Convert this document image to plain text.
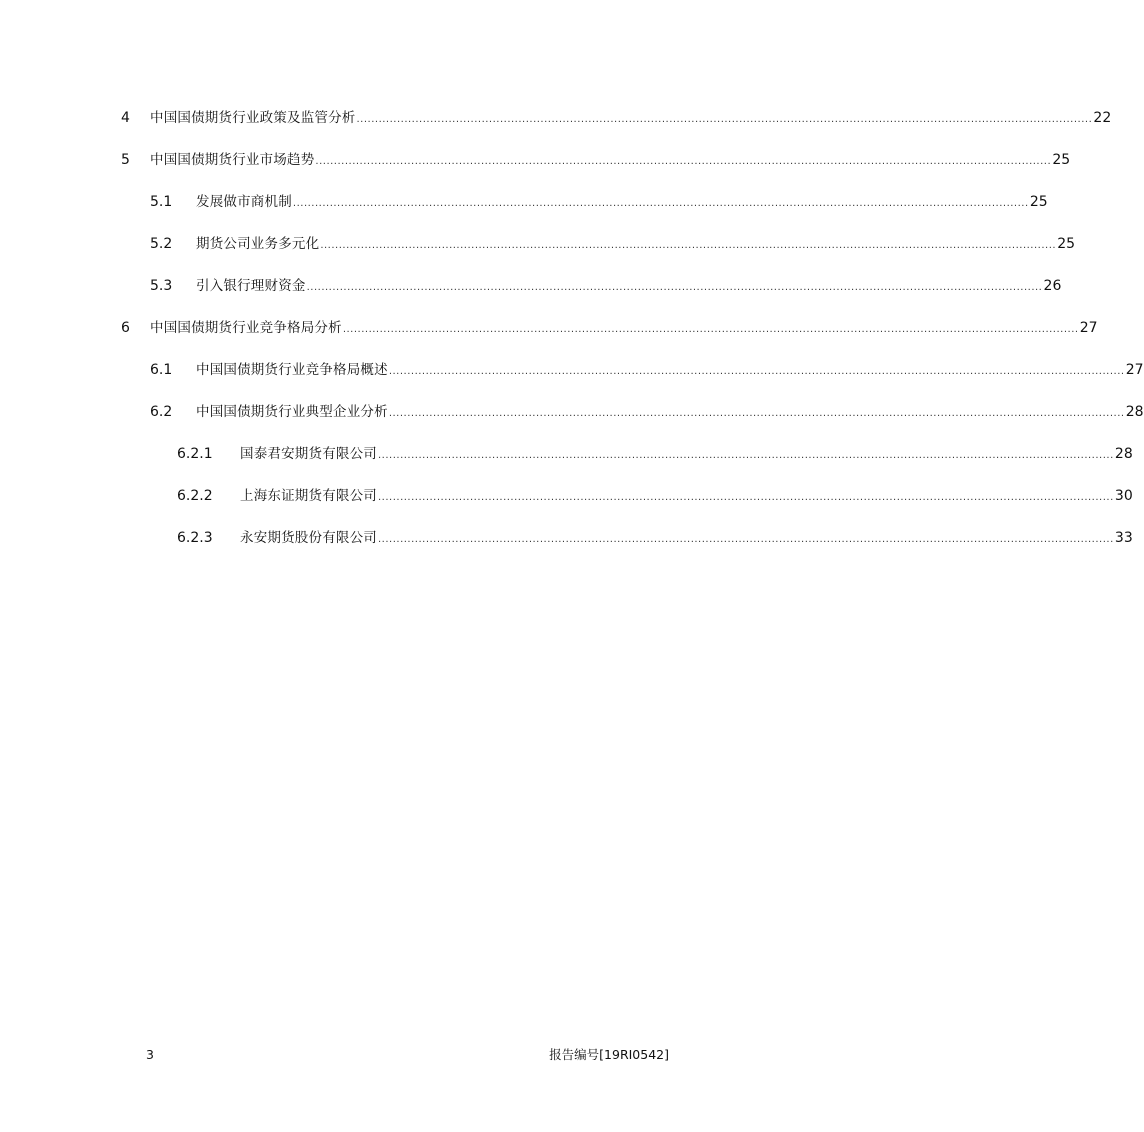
4 中国国债期货行业政策及监管分析 ........................................................................................................................................................................................................ 22
5 中国国债期货行业市场趋势 ........................................................................................................................................................................................................ 25
5.1 发展做市商机制 ........................................................................................................................................................................................................ 25
5.2 期货公司业务多元化 ........................................................................................................................................................................................................ 25
5.3 引入银行理财资金 ........................................................................................................................................................................................................ 26
6 中国国债期货行业竞争格局分析 ........................................................................................................................................................................................................ 27
6.1 中国国债期货行业竞争格局概述 ........................................................................................................................................................................................................ 27
6.2 中国国债期货行业典型企业分析 ........................................................................................................................................................................................................ 28
6.2.1 国泰君安期货有限公司 ........................................................................................................................................................................................................ 28
6.2.2 上海东证期货有限公司 ........................................................................................................................................................................................................ 30
6.2.3 永安期货股份有限公司 ........................................................................................................................................................................................................ 33
3	报告编号[19RI0542]
